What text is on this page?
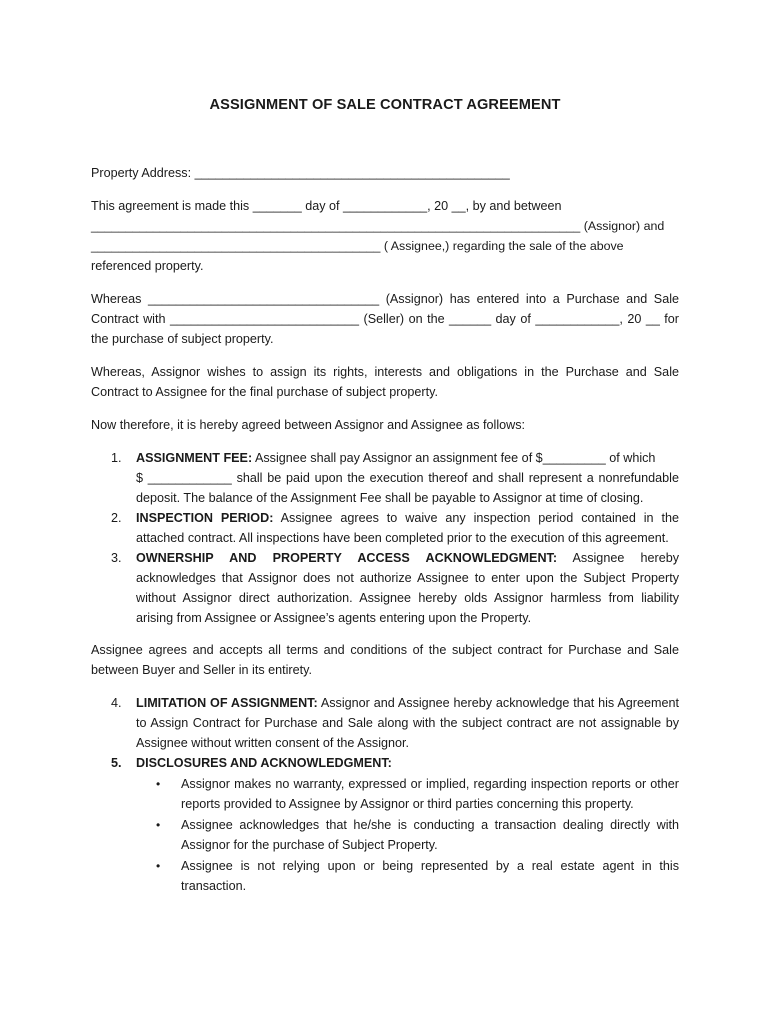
ASSIGNMENT OF SALE CONTRACT AGREEMENT
Property Address: _____________________________________________
This agreement is made this _______ day of ____________, 20 __, by and between
_______________________________________________________________________ (Assignor) and
__________________________________________ ( Assignee,) regarding the sale of the above
referenced property.
Whereas _________________________________ (Assignor) has entered into a Purchase and Sale
Contract with ___________________________ (Seller) on the ______ day of ____________, 20 __ for
the purchase of subject property.
Whereas, Assignor wishes to assign its rights, interests and obligations in the Purchase and Sale Contract to Assignee for the final purchase of subject property.
Now therefore, it is hereby agreed between Assignor and Assignee as follows:
1. ASSIGNMENT FEE: Assignee shall pay Assignor an assignment fee of $_________ of which
$ ____________ shall be paid upon the execution thereof and shall represent a nonrefundable
deposit. The balance of the Assignment Fee shall be payable to Assignor at time of closing.
2. INSPECTION PERIOD: Assignee agrees to waive any inspection period contained in the attached contract. All inspections have been completed prior to the execution of this agreement.
3. OWNERSHIP AND PROPERTY ACCESS ACKNOWLEDGMENT: Assignee hereby acknowledges that Assignor does not authorize Assignee to enter upon the Subject Property without Assignor direct authorization. Assignee hereby olds Assignor harmless from liability arising from Assignee or Assignee’s agents entering upon the Property.
Assignee agrees and accepts all terms and conditions of the subject contract for Purchase and Sale between Buyer and Seller in its entirety.
4. LIMITATION OF ASSIGNMENT: Assignor and Assignee hereby acknowledge that his Agreement to Assign Contract for Purchase and Sale along with the subject contract are not assignable by Assignee without written consent of the Assignor.
5. DISCLOSURES AND ACKNOWLEDGMENT:
• Assignor makes no warranty, expressed or implied, regarding inspection reports or other reports provided to Assignee by Assignor or third parties concerning this property.
• Assignee acknowledges that he/she is conducting a transaction dealing directly with Assignor for the purchase of Subject Property.
• Assignee is not relying upon or being represented by a real estate agent in this transaction.
